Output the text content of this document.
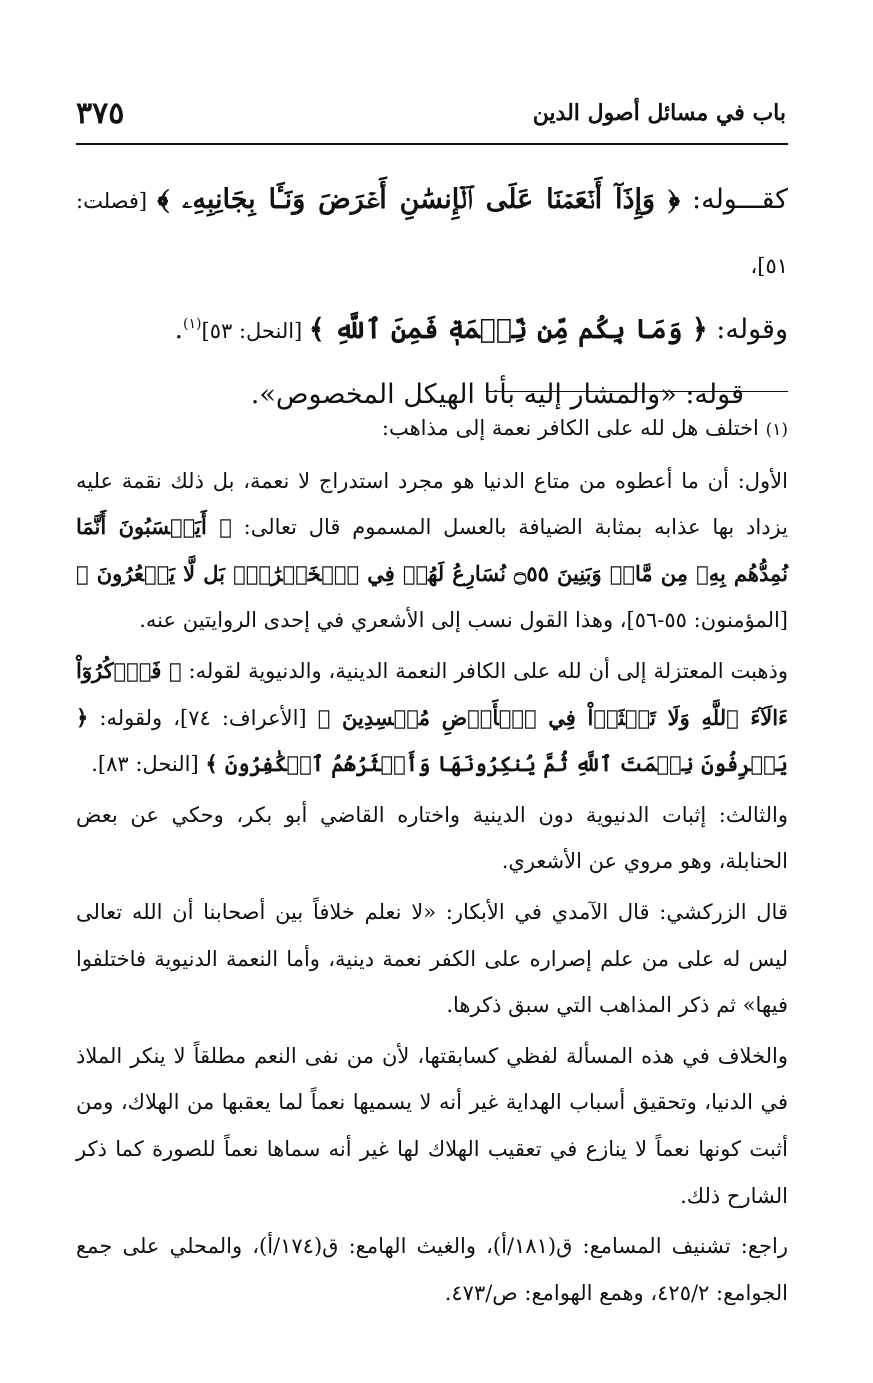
٣٧٥	باب في مسائل أصول الدين

كقـــوله: ﴿ وَإِذَآ أَنۡعَمۡنَا عَلَى ٱلۡإِنسَٰنِ أَعۡرَضَ وَنَـَٔا بِجَانِبِهِۦ ﴾ [فصلت: ٥١]،

وقوله: ﴿ وَمَا بِكُم مِّن نِّعۡمَةٖ فَمِنَ ٱللَّهِ ﴾ [النحل: ٥٣]$^{(١)}$.

قوله: «والمشار إليه بأنا الهيكل المخصوص».

(١) اختلف هل لله على الكافر نعمة إلى مذاهب:

الأول: أن ما أعطوه من متاع الدنيا هو مجرد استدراج لا نعمة، بل ذلك نقمة عليه يزداد بها عذابه بمثابة الضيافة بالعسل المسموم قال تعالى: ﴿ أَيَحۡسَبُونَ أَنَّمَا نُمِدُّهُم بِهِۦ مِن مَّالٖ وَبَنِينَ ۝٥٥ نُسَارِعُ لَهُمۡ فِي ٱلۡخَيۡرَٰتِۚ بَل لَّا يَشۡعُرُونَ ﴾ [المؤمنون: ٥٥-٥٦]، وهذا القول نسب إلى الأشعري في إحدى الروايتين عنه.

وذهبت المعتزلة إلى أن لله على الكافر النعمة الدينية، والدنيوية لقوله: ﴿ فَٱذۡكُرُوٓاْ ءَالَآءَ ٱللَّهِ وَلَا تَعۡثَوۡاْ فِي ٱلۡأَرۡضِ مُفۡسِدِينَ ﴾ [الأعراف: ٧٤]، ولقوله: ﴿ يَعۡرِفُونَ نِعۡمَتَ ٱللَّهِ ثُمَّ يُنكِرُونَهَا وَأَكۡثَرُهُمُ ٱلۡكَٰفِرُونَ ﴾ [النحل: ٨٣].

والثالث: إثبات الدنيوية دون الدينية واختاره القاضي أبو بكر، وحكي عن بعض الحنابلة، وهو مروي عن الأشعري.

قال الزركشي: قال الآمدي في الأبكار: «لا نعلم خلافاً بين أصحابنا أن الله تعالى ليس له على من علم إصراره على الكفر نعمة دينية، وأما النعمة الدنيوية فاختلفوا فيها» ثم ذكر المذاهب التي سبق ذكرها.

والخلاف في هذه المسألة لفظي كسابقتها، لأن من نفى النعم مطلقاً لا ينكر الملاذ في الدنيا، وتحقيق أسباب الهداية غير أنه لا يسميها نعماً لما يعقبها من الهلاك، ومن أثبت كونها نعماً لا ينازع في تعقيب الهلاك لها غير أنه سماها نعماً للصورة كما ذكر الشارح ذلك.

راجع: تشنيف المسامع: ق(١٨١/أ)، والغيث الهامع: ق(١٧٤/أ)، والمحلي على جمع الجوامع: ٤٢٥/٢، وهمع الهوامع: ص/٤٧٣.
